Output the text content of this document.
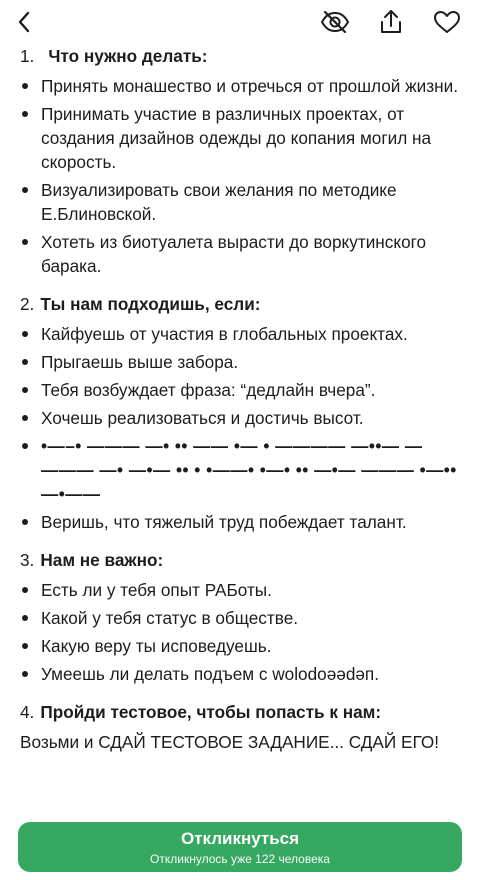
1. Что нужно делать:
Принять монашество и отречься от прошлой жизни.
Принимать участие в различных проектах, от создания дизайнов одежды до копания могил на скорость.
Визуализировать свои желания по методике Е.Блиновской.
Хотеть из биотуалета вырасти до воркутинского барака.
2. Ты нам подходишь, если:
Кайфуешь от участия в глобальных проектах.
Прыгаешь выше забора.
Тебя возбуждает фраза: “дедлайн вчера”.
Хочешь реализоваться и достичь высот.
•—–• ——— —• •• —— •— • ———— —••— — ——— —• —•— •• • •——• •—• •• —•— ——— •—•• —•——
Веришь, что тяжелый труд побеждает талант.
3. Нам не важно:
Есть ли у тебя опыт РАБоты.
Какой у тебя статус в обществе.
Какую веру ты исповедуешь.
Умеешь ли делать подъем с wolodoəədəп.
4. Пройди тестовое, чтобы попасть к нам:
Возьми и СДАЙ ТЕСТОВОЕ ЗАДАНИЕ... СДАЙ ЕГО!
Откликнуться
Откликнулось уже 122 человека
